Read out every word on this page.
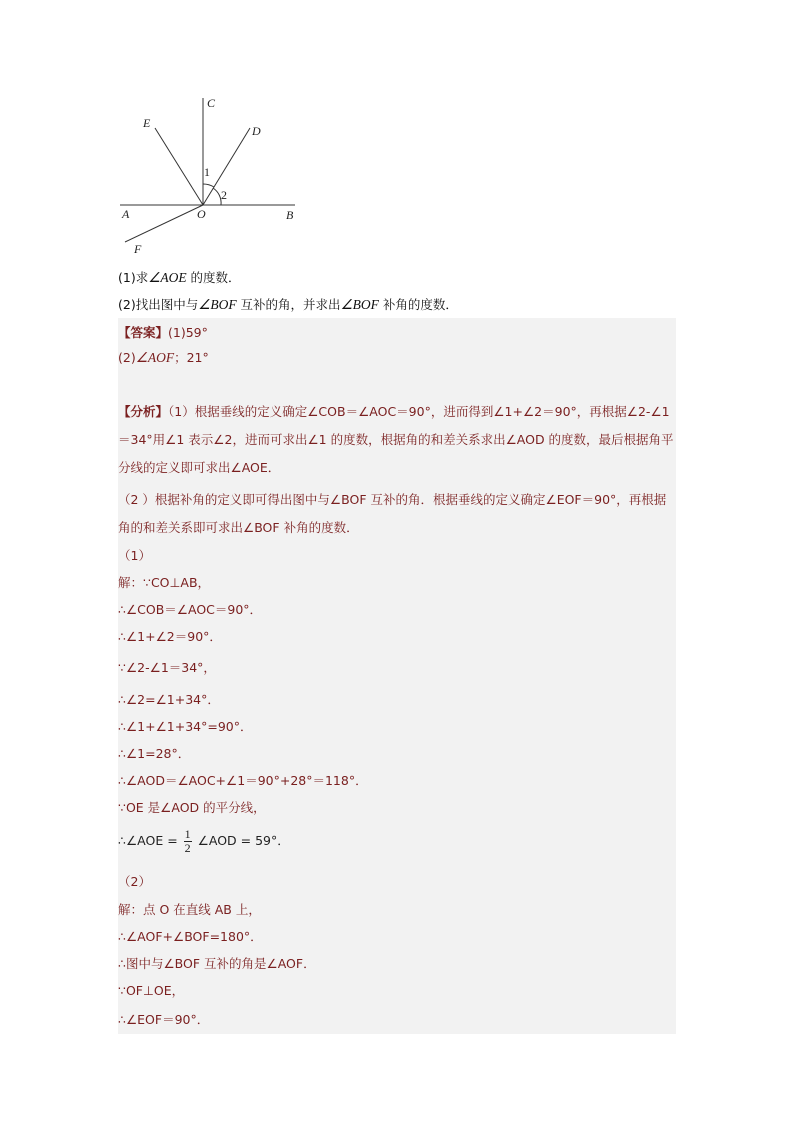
C
E
D
1
2
A	O	B
F
(1)求∠AOE 的度数．
(2)找出图中与∠BOF 互补的角，并求出∠BOF 补角的度数．
【答案】(1)59°
(2)∠AOF；21°
【分析】（1）根据垂线的定义确定∠COB＝∠AOC＝90°，进而得到∠1+∠2＝90°，再根据∠2-∠1＝34°用∠1 表示∠2，进而可求出∠1 的度数，根据角的和差关系求出∠AOD 的度数，最后根据角平分线的定义即可求出∠AOE．
（2 ）根据补角的定义即可得出图中与∠BOF 互补的角．根据垂线的定义确定∠EOF＝90°，再根据角的和差关系即可求出∠BOF 补角的度数．
（1）
解：∵CO⊥AB，
∴∠COB＝∠AOC＝90°．
∴∠1+∠2＝90°．
∵∠2-∠1＝34°，
∴∠2=∠1+34°．
∴∠1+∠1+34°=90°．
∴∠1=28°．
∴∠AOD＝∠AOC+∠1＝90°+28°＝118°．
∵OE 是∠AOD 的平分线，
∴∠AOE = $\frac{1}{2}$ ∠AOD = 59°．
（2）
解：点 O 在直线 AB 上，
∴∠AOF+∠BOF=180°．
∴图中与∠BOF 互补的角是∠AOF．
∵OF⊥OE，
∴∠EOF＝90°．
